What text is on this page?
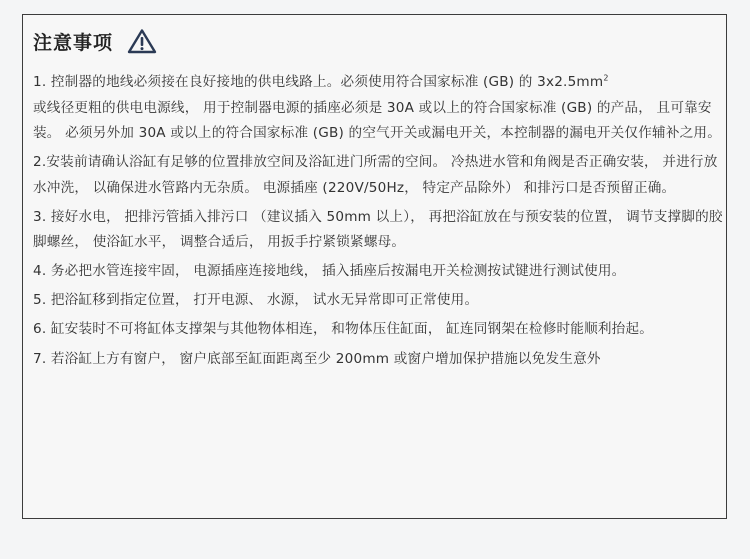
注意事项
1. 控制器的地线必须接在良好接地的供电线路上。必须使用符合国家标准 (GB) 的 $3x2.5mm^2$
或线径更粗的供电电源线， 用于控制器电源的插座必须是 30A 或以上的符合国家标准 (GB) 的产品， 且可靠安装。 必须另外加 30A 或以上的符合国家标准 (GB) 的空气开关或漏电开关，本控制器的漏电开关仅作辅补之用。
2.安装前请确认浴缸有足够的位置排放空间及浴缸进门所需的空间。 冷热进水管和角阀是否正确安装， 并进行放水冲洗， 以确保进水管路内无杂质。 电源插座 (220V/50Hz， 特定产品除外） 和排污口是否预留正确。
3. 接好水电， 把排污管插入排污口 （建议插入 50mm 以上）， 再把浴缸放在与预安装的位置， 调节支撑脚的胶脚螺丝， 使浴缸水平， 调整合适后， 用扳手拧紧锁紧螺母。
4. 务必把水管连接牢固， 电源插座连接地线， 插入插座后按漏电开关检测按试键进行测试使用。
5. 把浴缸移到指定位置， 打开电源、 水源， 试水无异常即可正常使用。
6. 缸安装时不可将缸体支撑架与其他物体相连， 和物体压住缸面， 缸连同钢架在检修时能顺利抬起。
7. 若浴缸上方有窗户， 窗户底部至缸面距离至少 200mm 或窗户增加保护措施以免发生意外
